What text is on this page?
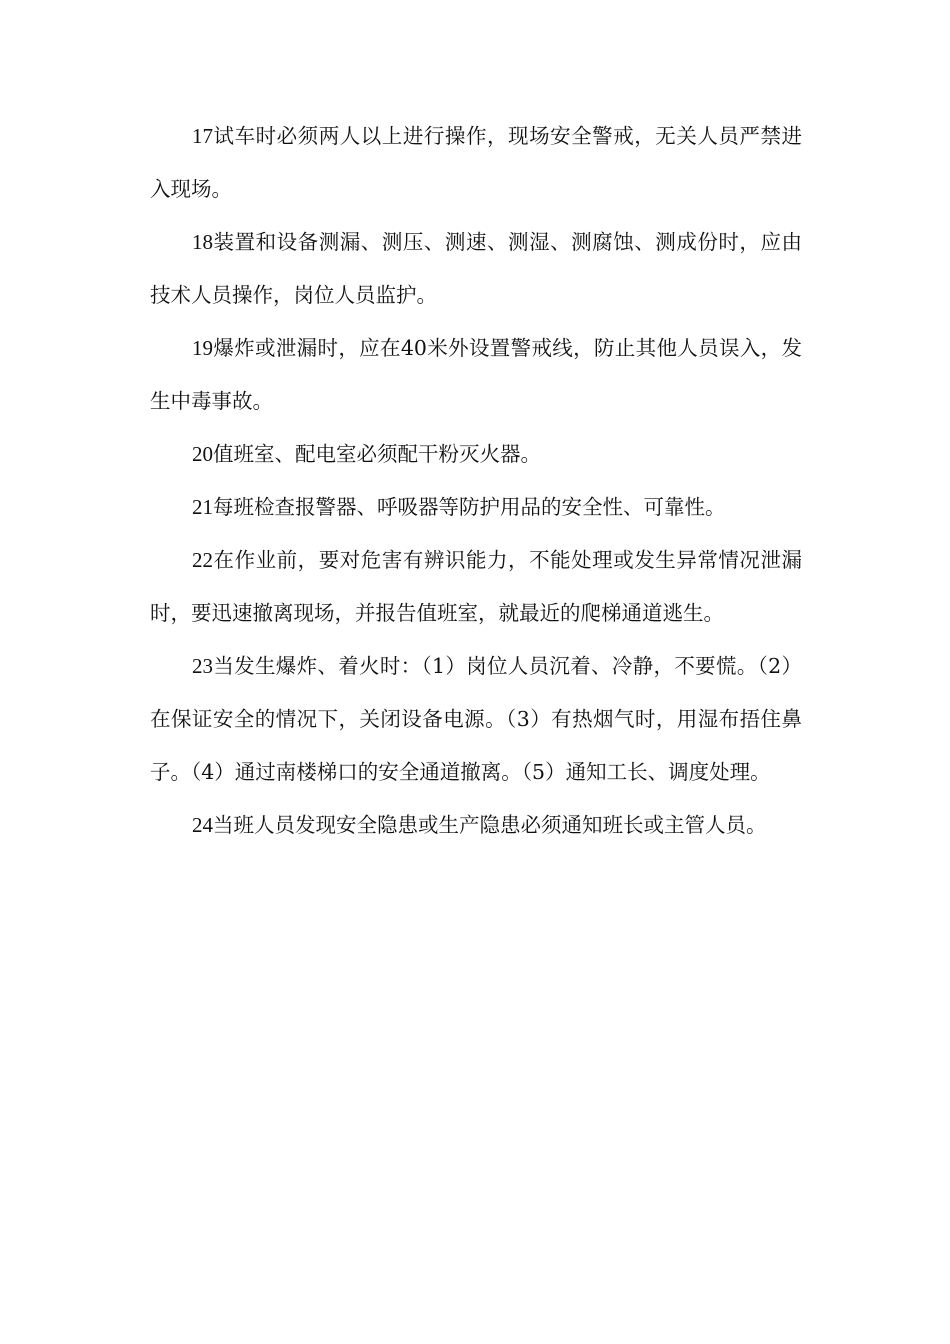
17试车时必须两人以上进行操作，现场安全警戒，无关人员严禁进入现场。

18装置和设备测漏、测压、测速、测湿、测腐蚀、测成份时，应由技术人员操作，岗位人员监护。

19爆炸或泄漏时，应在40米外设置警戒线，防止其他人员误入，发生中毒事故。

20值班室、配电室必须配干粉灭火器。

21每班检查报警器、呼吸器等防护用品的安全性、可靠性。

22在作业前，要对危害有辨识能力，不能处理或发生异常情况泄漏时，要迅速撤离现场，并报告值班室，就最近的爬梯通道逃生。

23当发生爆炸、着火时：（1）岗位人员沉着、冷静，不要慌。（2）在保证安全的情况下，关闭设备电源。（3）有热烟气时，用湿布捂住鼻子。（4）通过南楼梯口的安全通道撤离。（5）通知工长、调度处理。

24当班人员发现安全隐患或生产隐患必须通知班长或主管人员。
